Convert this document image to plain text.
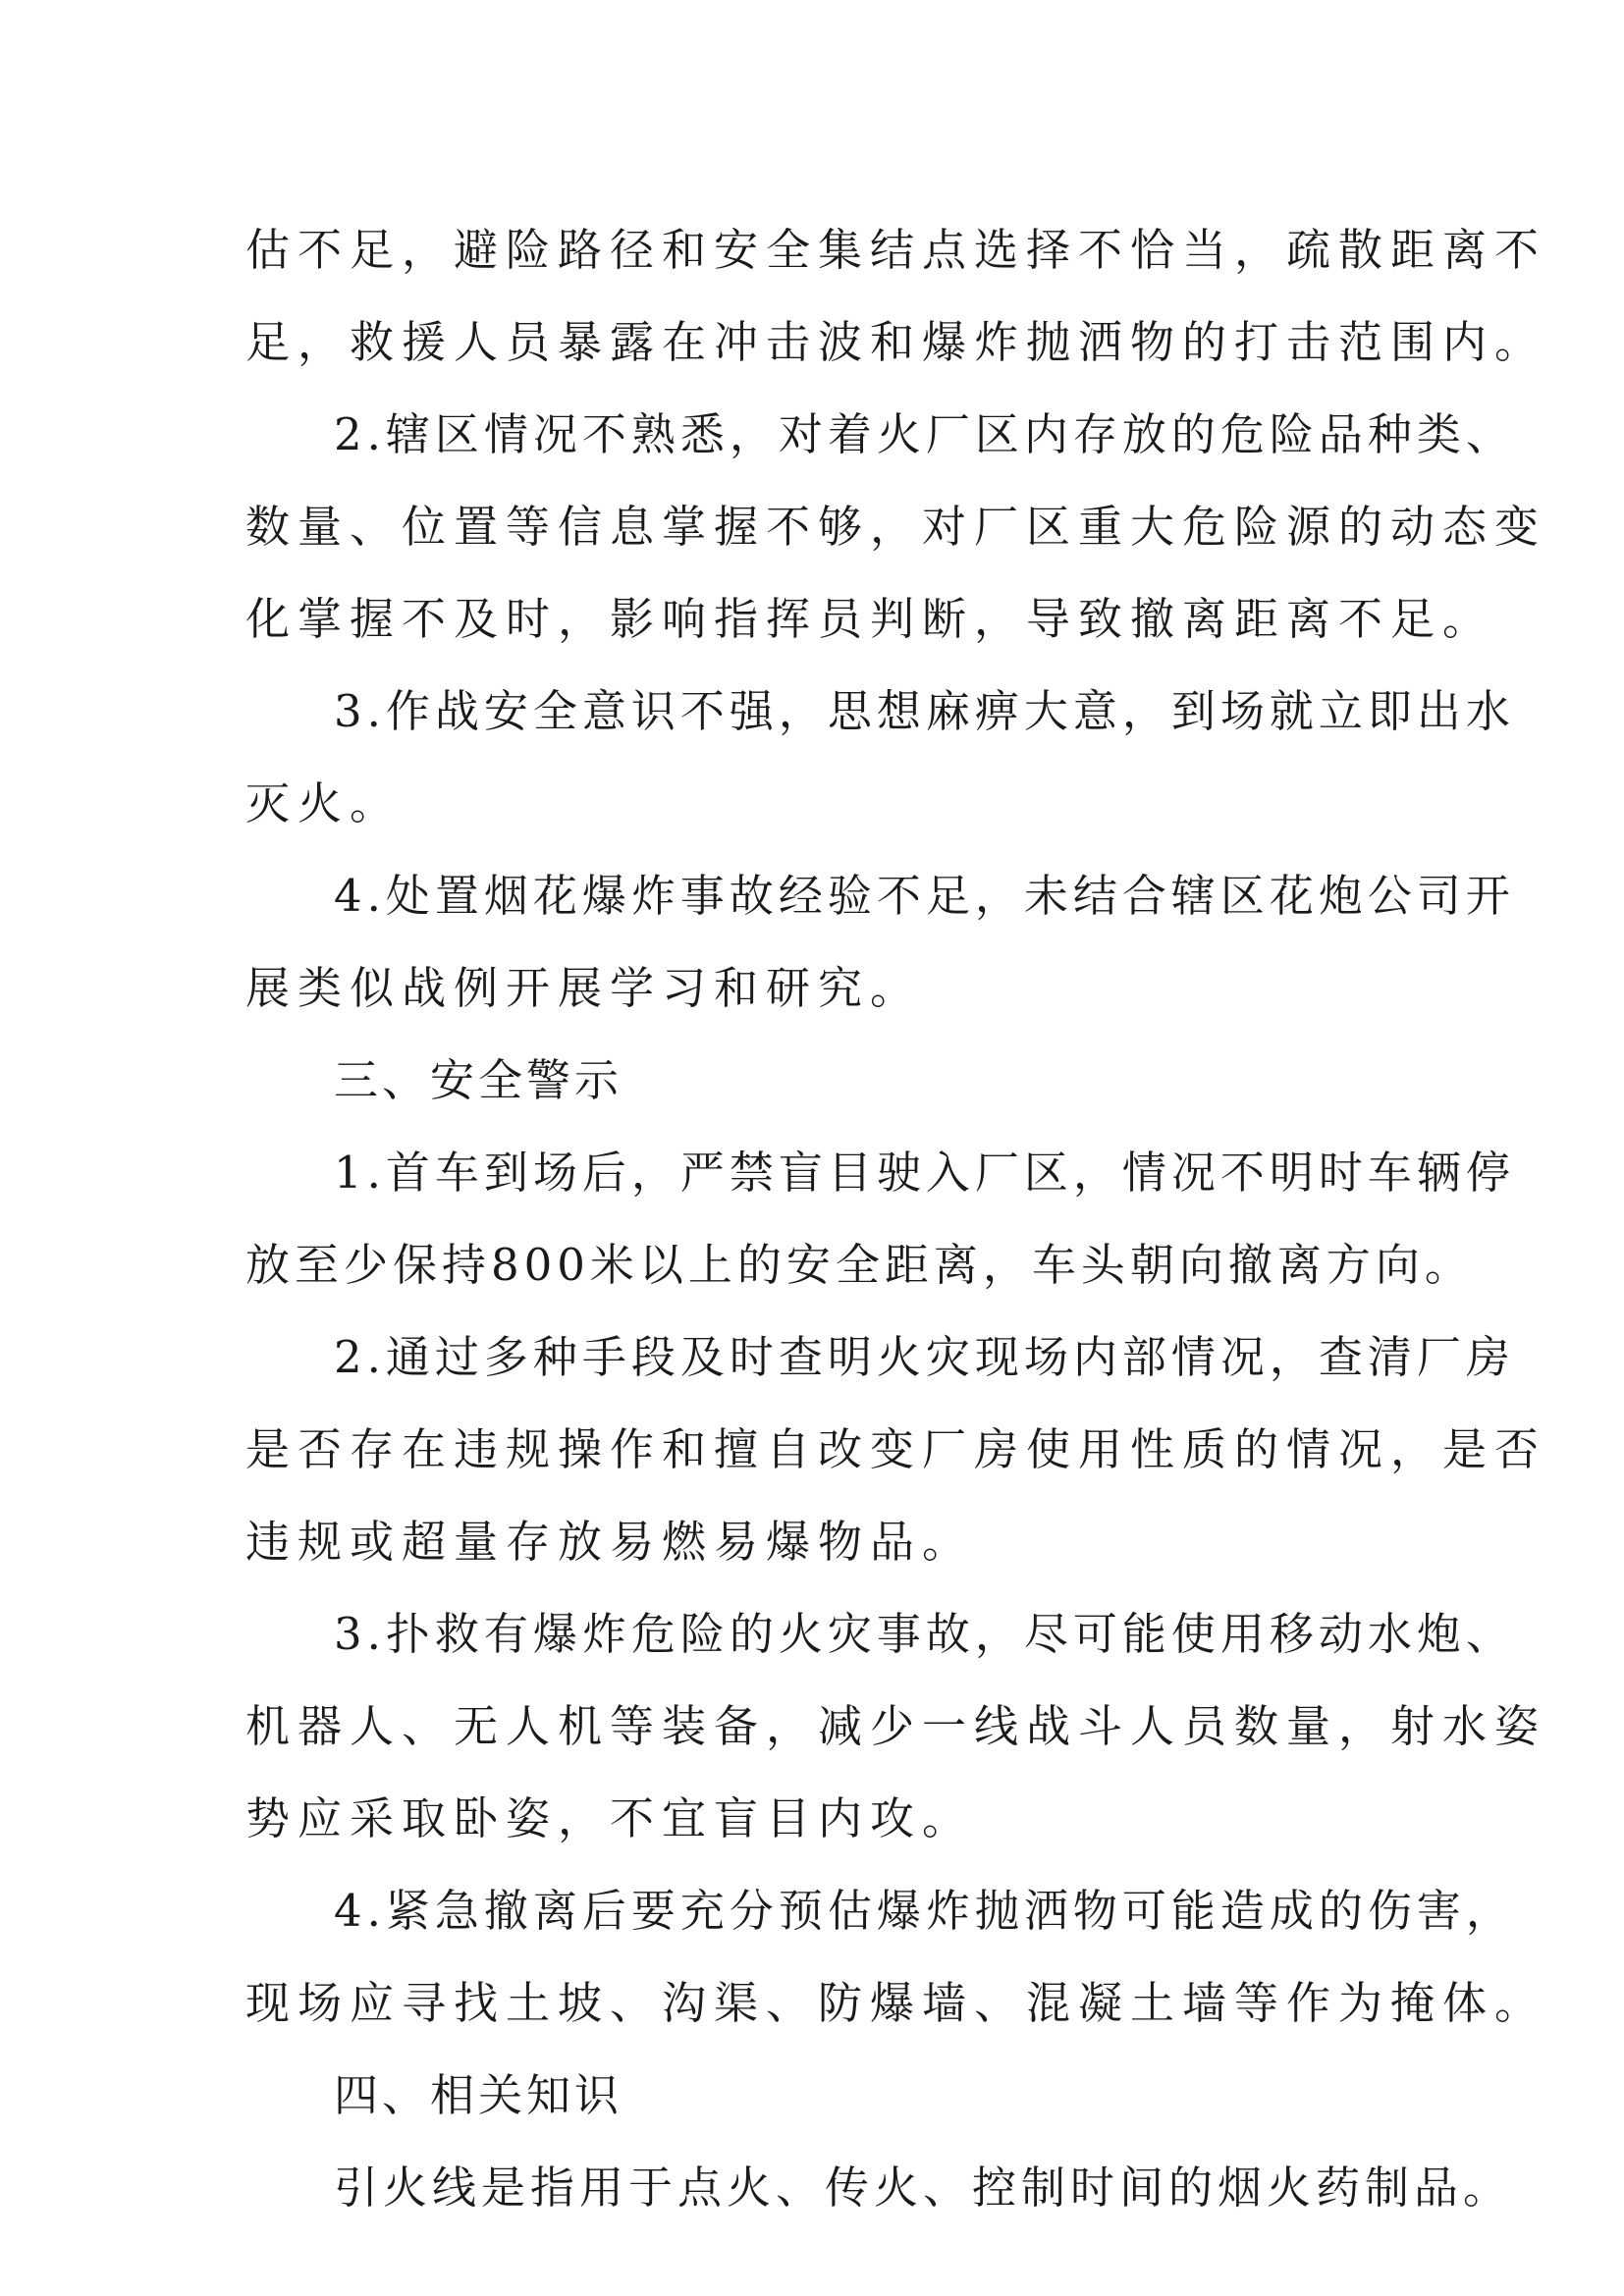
估不足，避险路径和安全集结点选择不恰当，疏散距离不
足，救援人员暴露在冲击波和爆炸抛洒物的打击范围内。
2.辖区情况不熟悉，对着火厂区内存放的危险品种类、
数量、位置等信息掌握不够，对厂区重大危险源的动态变
化掌握不及时，影响指挥员判断，导致撤离距离不足。
3.作战安全意识不强，思想麻痹大意，到场就立即出水
灭火。
4.处置烟花爆炸事故经验不足，未结合辖区花炮公司开
展类似战例开展学习和研究。
三、安全警示
1.首车到场后，严禁盲目驶入厂区，情况不明时车辆停
放至少保持800米以上的安全距离，车头朝向撤离方向。
2.通过多种手段及时查明火灾现场内部情况，查清厂房
是否存在违规操作和擅自改变厂房使用性质的情况，是否
违规或超量存放易燃易爆物品。
3.扑救有爆炸危险的火灾事故，尽可能使用移动水炮、
机器人、无人机等装备，减少一线战斗人员数量，射水姿
势应采取卧姿，不宜盲目内攻。
4.紧急撤离后要充分预估爆炸抛洒物可能造成的伤害，
现场应寻找土坡、沟渠、防爆墙、混凝土墙等作为掩体。
四、相关知识
引火线是指用于点火、传火、控制时间的烟火药制品。
